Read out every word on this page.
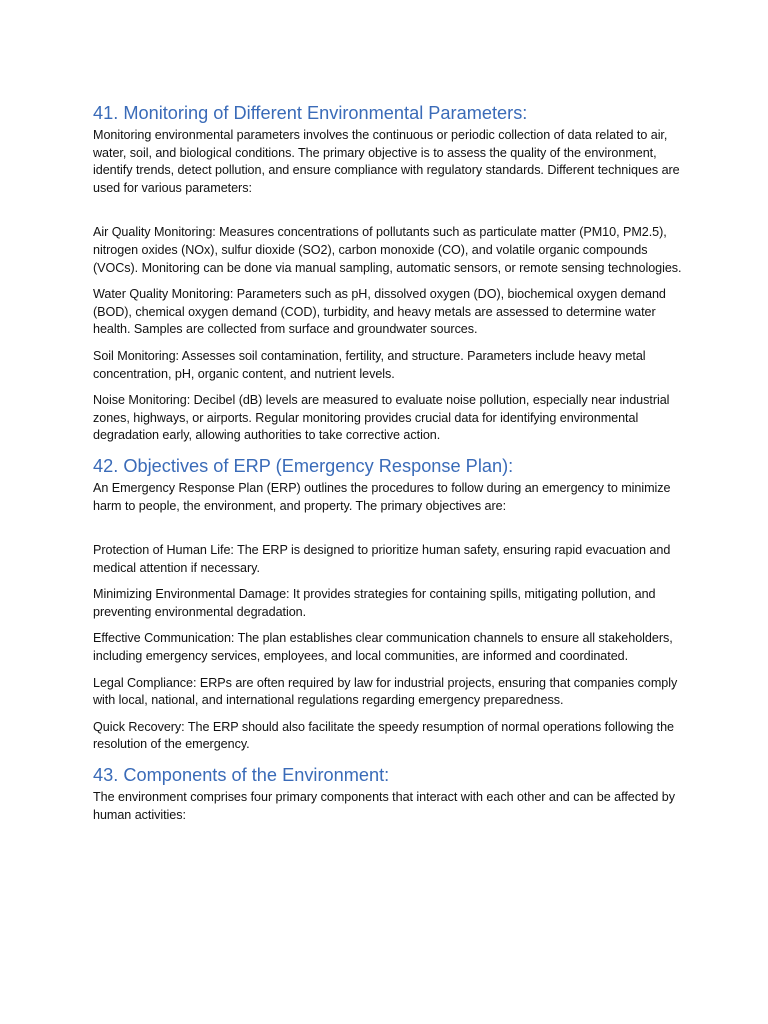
41. Monitoring of Different Environmental Parameters:

Monitoring environmental parameters involves the continuous or periodic collection of data related to air, water, soil, and biological conditions. The primary objective is to assess the quality of the environment, identify trends, detect pollution, and ensure compliance with regulatory standards. Different techniques are used for various parameters:

Air Quality Monitoring: Measures concentrations of pollutants such as particulate matter (PM10, PM2.5), nitrogen oxides (NOx), sulfur dioxide (SO2), carbon monoxide (CO), and volatile organic compounds (VOCs). Monitoring can be done via manual sampling, automatic sensors, or remote sensing technologies.

Water Quality Monitoring: Parameters such as pH, dissolved oxygen (DO), biochemical oxygen demand (BOD), chemical oxygen demand (COD), turbidity, and heavy metals are assessed to determine water health. Samples are collected from surface and groundwater sources.

Soil Monitoring: Assesses soil contamination, fertility, and structure. Parameters include heavy metal concentration, pH, organic content, and nutrient levels.

Noise Monitoring: Decibel (dB) levels are measured to evaluate noise pollution, especially near industrial zones, highways, or airports. Regular monitoring provides crucial data for identifying environmental degradation early, allowing authorities to take corrective action.

42. Objectives of ERP (Emergency Response Plan):

An Emergency Response Plan (ERP) outlines the procedures to follow during an emergency to minimize harm to people, the environment, and property. The primary objectives are:

Protection of Human Life: The ERP is designed to prioritize human safety, ensuring rapid evacuation and medical attention if necessary.

Minimizing Environmental Damage: It provides strategies for containing spills, mitigating pollution, and preventing environmental degradation.

Effective Communication: The plan establishes clear communication channels to ensure all stakeholders, including emergency services, employees, and local communities, are informed and coordinated.

Legal Compliance: ERPs are often required by law for industrial projects, ensuring that companies comply with local, national, and international regulations regarding emergency preparedness.

Quick Recovery: The ERP should also facilitate the speedy resumption of normal operations following the resolution of the emergency.

43. Components of the Environment:

The environment comprises four primary components that interact with each other and can be affected by human activities:
